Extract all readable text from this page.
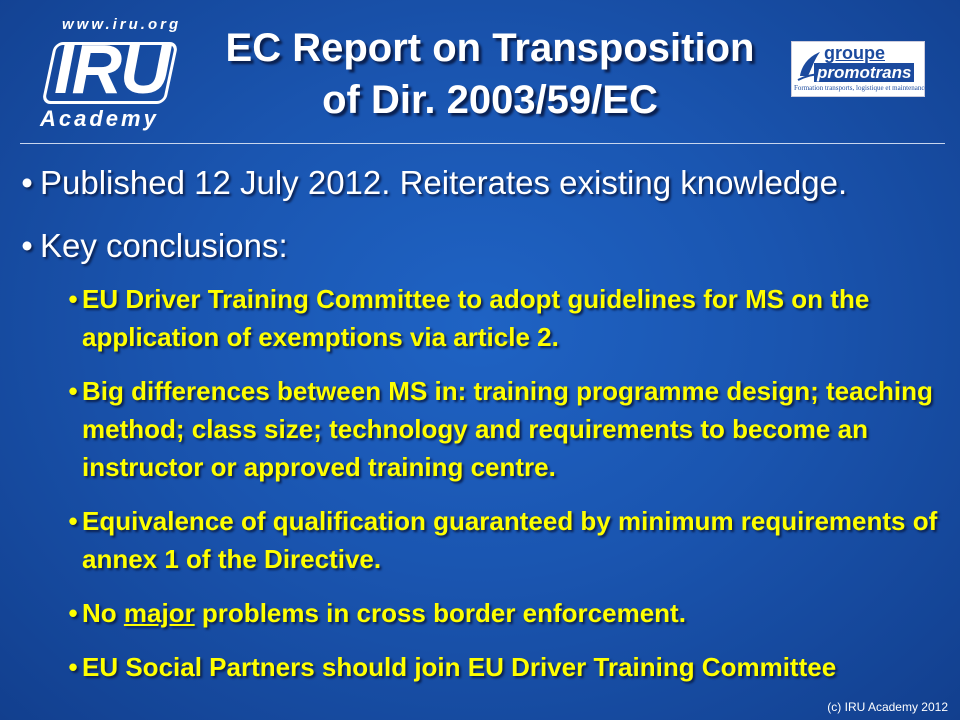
www.iru.org
IRU
Academy
EC Report on Transposition
of Dir. 2003/59/EC
groupe
promotrans
Formation transports, logistique et maintenance
• Published 12 July 2012. Reiterates existing knowledge.
• Key conclusions:
• EU Driver Training Committee to adopt guidelines for MS on the application of exemptions via article 2.
• Big differences between MS in: training programme design; teaching method; class size; technology and requirements to become an instructor or approved training centre.
• Equivalence of qualification guaranteed by minimum requirements of annex 1 of the Directive.
• No major problems in cross border enforcement.
• EU Social Partners should join EU Driver Training Committee
(c) IRU Academy 2012
